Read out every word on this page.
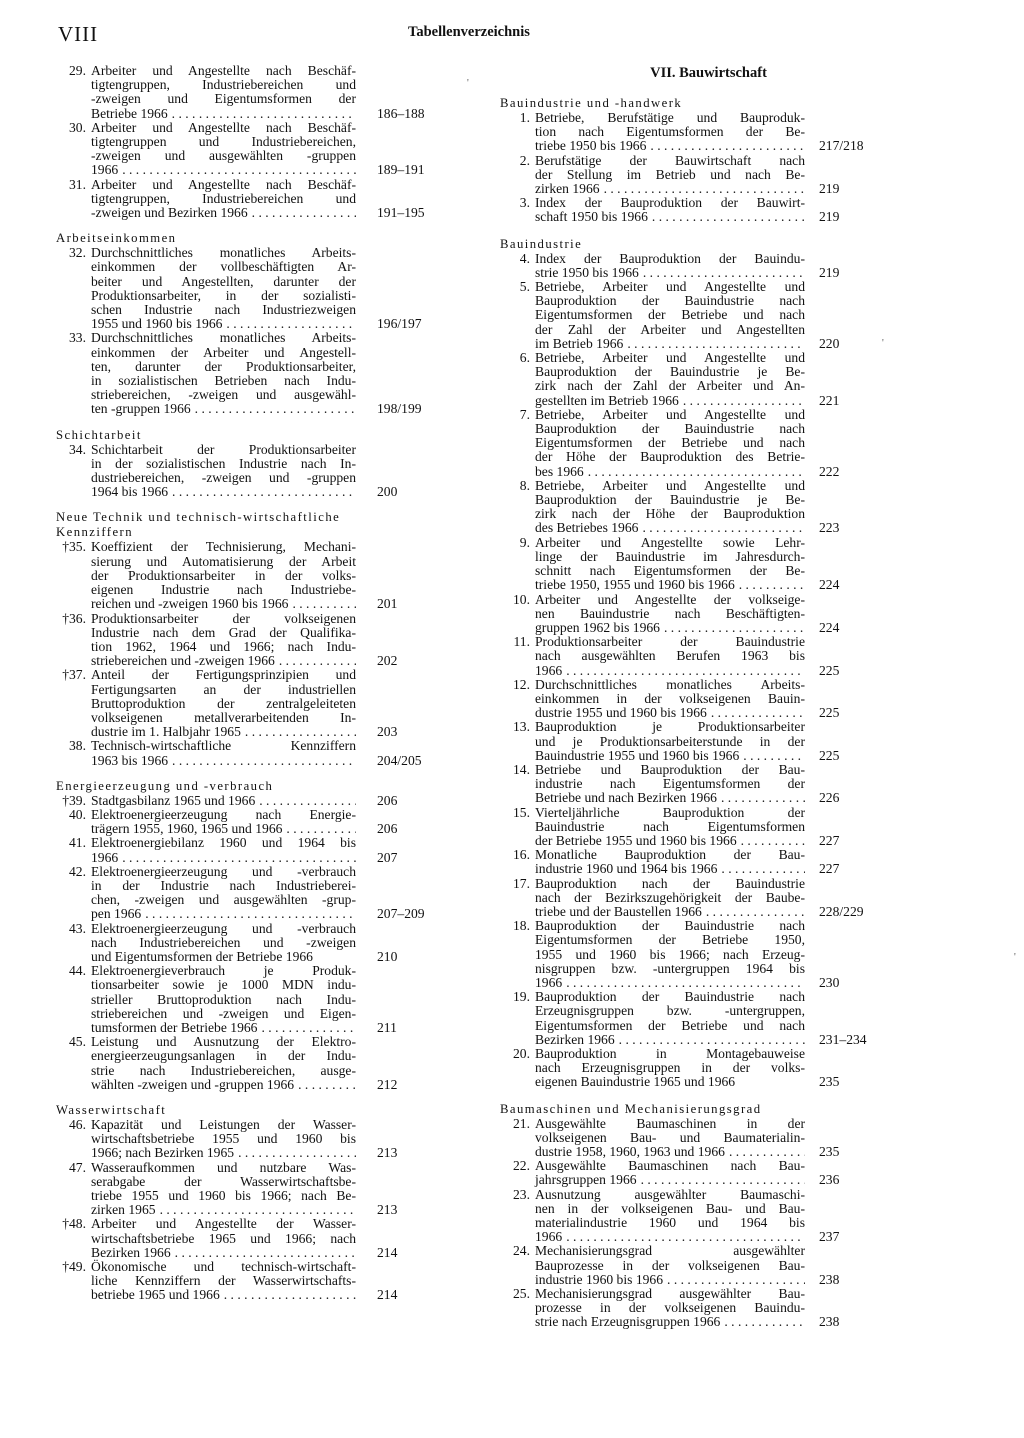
VIII	Tabellenverzeichnis
29. Arbeiter und Angestellte nach Beschäf-
tigtengruppen, Industriebereichen und
-zweigen und Eigentumsformen der
Betriebe 1966
. . .	186–188
30. Arbeiter und Angestellte nach Beschäf-
tigtengruppen und Industriebereichen,
-zweigen und ausgewählten -gruppen
1966
. . .	189–191
31. Arbeiter und Angestellte nach Beschäf-
tigtengruppen, Industriebereichen und
-zweigen und Bezirken 1966
. . .	191–195
Arbeitseinkommen
32. Durchschnittliches monatliches Arbeits-
einkommen der vollbeschäftigten Ar-
beiter und Angestellten, darunter der
Produktionsarbeiter, in der sozialisti-
schen Industrie nach Industriezweigen
1955 und 1960 bis 1966 . . .	196/197
33. Durchschnittliches monatliches Arbeits-
einkommen der Arbeiter und Angestell-
ten, darunter der Produktionsarbeiter,
in sozialistischen Betrieben nach Indu-
striebereichen, -zweigen und ausgewähl-
ten -gruppen 1966 . . .	198/199
Schichtarbeit
34. Schichtarbeit der Produktionsarbeiter
in der sozialistischen Industrie nach In-
dustriebereichen, -zweigen und -gruppen
1964 bis 1966 . . .	200
Neue Technik und technisch-wirtschaftliche
Kennziffern
†35. Koeffizient der Technisierung, Mechani-
sierung und Automatisierung der Arbeit
der Produktionsarbeiter in der volks-
eigenen Industrie nach Industriebe-
reichen und -zweigen 1960 bis 1966 . . .	201
†36. Produktionsarbeiter der volkseigenen
Industrie nach dem Grad der Qualifika-
tion 1962, 1964 und 1966; nach Indu-
striebereichen und -zweigen 1966 . . .	202
†37. Anteil der Fertigungsprinzipien und
Fertigungsarten an der industriellen
Bruttoproduktion der zentralgeleiteten
volkseigenen metallverarbeitenden In-
dustrie im 1. Halbjahr 1965 . . .	203
38. Technisch-wirtschaftliche Kennziffern
1963 bis 1966 . . .	204/205
Energieerzeugung und -verbrauch
†39. Stadtgasbilanz 1965 und 1966 . . .	206
40. Elektroenergieerzeugung nach Energie-
trägern 1955, 1960, 1965 und 1966 . . .	206
41. Elektroenergiebilanz 1960 und 1964 bis
1966 . . .	207
42. Elektroenergieerzeugung und -verbrauch
in der Industrie nach Industrieberei-
chen, -zweigen und ausgewählten -grup-
pen 1966
. . .	207–209
43. Elektroenergieerzeugung und -verbrauch
nach Industriebereichen und -zweigen
und Eigentumsformen der Betriebe 1966	210
44. Elektroenergieverbrauch je Produk-
tionsarbeiter sowie je 1000 MDN indu-
strieller Bruttoproduktion nach Indu-
striebereichen und -zweigen und Eigen-
tumsformen der Betriebe 1966 . . .	211
45. Leistung und Ausnutzung der Elektro-
energieerzeugungsanlagen in der Indu-
strie nach Industriebereichen, ausge-
wählten -zweigen und -gruppen 1966 . . .	212
Wasserwirtschaft
46. Kapazität und Leistungen der Wasser-
wirtschaftsbetriebe 1955 und 1960 bis
1966; nach Bezirken 1965 . . .	213
47. Wasseraufkommen und nutzbare Was-
serabgabe der Wasserwirtschaftsbe-
triebe 1955 und 1960 bis 1966; nach Be-
zirken 1965 . . .	213
†48. Arbeiter und Angestellte der Wasser-
wirtschaftsbetriebe 1965 und 1966; nach
Bezirken 1966 . . .	214
†49. Ökonomische und technisch-wirtschaft-
liche Kennziffern der Wasserwirtschafts-
betriebe 1965 und 1966 . . .	214
VII. Bauwirtschaft
Bauindustrie und -handwerk
1. Betriebe, Berufstätige und Bauproduk-
tion nach Eigentumsformen der Be-
triebe 1950 bis 1966 . . .	217/218
2. Berufstätige der Bauwirtschaft nach
der Stellung im Betrieb und nach Be-
zirken 1966 . . .	219
3. Index der Bauproduktion der Bauwirt-
schaft 1950 bis 1966 . . .	219
Bauindustrie
4. Index der Bauproduktion der Bauindu-
strie 1950 bis 1966 . . .	219
5. Betriebe, Arbeiter und Angestellte und
Bauproduktion der Bauindustrie nach
Eigentumsformen der Betriebe und nach
der Zahl der Arbeiter und Angestellten
im Betrieb 1966 . . .	220
6. Betriebe, Arbeiter und Angestellte und
Bauproduktion der Bauindustrie je Be-
zirk nach der Zahl der Arbeiter und An-
gestellten im Betrieb 1966 . . .	221
7. Betriebe, Arbeiter und Angestellte und
Bauproduktion der Bauindustrie nach
Eigentumsformen der Betriebe und nach
der Höhe der Bauproduktion des Betrie-
bes 1966 . . .	222
8. Betriebe, Arbeiter und Angestellte und
Bauproduktion der Bauindustrie je Be-
zirk nach der Höhe der Bauproduktion
des Betriebes 1966 . . .	223
9. Arbeiter und Angestellte sowie Lehr-
linge der Bauindustrie im Jahresdurch-
schnitt nach Eigentumsformen der Be-
triebe 1950, 1955 und 1960 bis 1966 . . .	224
10. Arbeiter und Angestellte der volkseige-
nen Bauindustrie nach Beschäftigten-
gruppen 1962 bis 1966 . . .	224
11. Produktionsarbeiter der Bauindustrie
nach ausgewählten Berufen 1963 bis
1966 . . .	225
12. Durchschnittliches monatliches Arbeits-
einkommen in der volkseigenen Bauin-
dustrie 1955 und 1960 bis 1966 . . .	225
13. Bauproduktion je Produktionsarbeiter
und je Produktionsarbeiterstunde in der
Bauindustrie 1955 und 1960 bis 1966 . . .	225
14. Betriebe und Bauproduktion der Bau-
industrie nach Eigentumsformen der
Betriebe und nach Bezirken 1966 . . .	226
15. Vierteljährliche Bauproduktion der
Bauindustrie nach Eigentumsformen
der Betriebe 1955 und 1960 bis 1966 . . .	227
16. Monatliche Bauproduktion der Bau-
industrie 1960 und 1964 bis 1966 . . .	227
17. Bauproduktion nach der Bauindustrie
nach der Bezirkszugehörigkeit der Baube-
triebe und der Baustellen 1966 . . .	228/229
18. Bauproduktion der Bauindustrie nach
Eigentumsformen der Betriebe 1950,
1955 und 1960 bis 1966; nach Erzeug-
nisgruppen bzw. -untergruppen 1964 bis
1966 . . .	230
19. Bauproduktion der Bauindustrie nach
Erzeugnisgruppen bzw. -untergruppen,
Eigentumsformen der Betriebe und nach
Bezirken 1966
. . .	231–234
20. Bauproduktion in Montagebauweise
nach Erzeugnisgruppen in der volks-
eigenen Bauindustrie 1965 und 1966	235
Baumaschinen und Mechanisierungsgrad
21. Ausgewählte Baumaschinen in der
volkseigenen Bau- und Baumaterialin-
dustrie 1958, 1960, 1963 und 1966 . . .	235
22. Ausgewählte Baumaschinen nach Bau-
jahrsgruppen 1966 . . .	236
23. Ausnutzung ausgewählter Baumaschi-
nen in der volkseigenen Bau- und Bau-
materialindustrie 1960 und 1964 bis
1966 . . .	237
24. Mechanisierungsgrad ausgewählter
Bauprozesse in der volkseigenen Bau-
industrie 1960 bis 1966 . . .	238
25. Mechanisierungsgrad ausgewählter Bau-
prozesse in der volkseigenen Bauindu-
strie nach Erzeugnisgruppen 1966 . . .	238
'
'
'
